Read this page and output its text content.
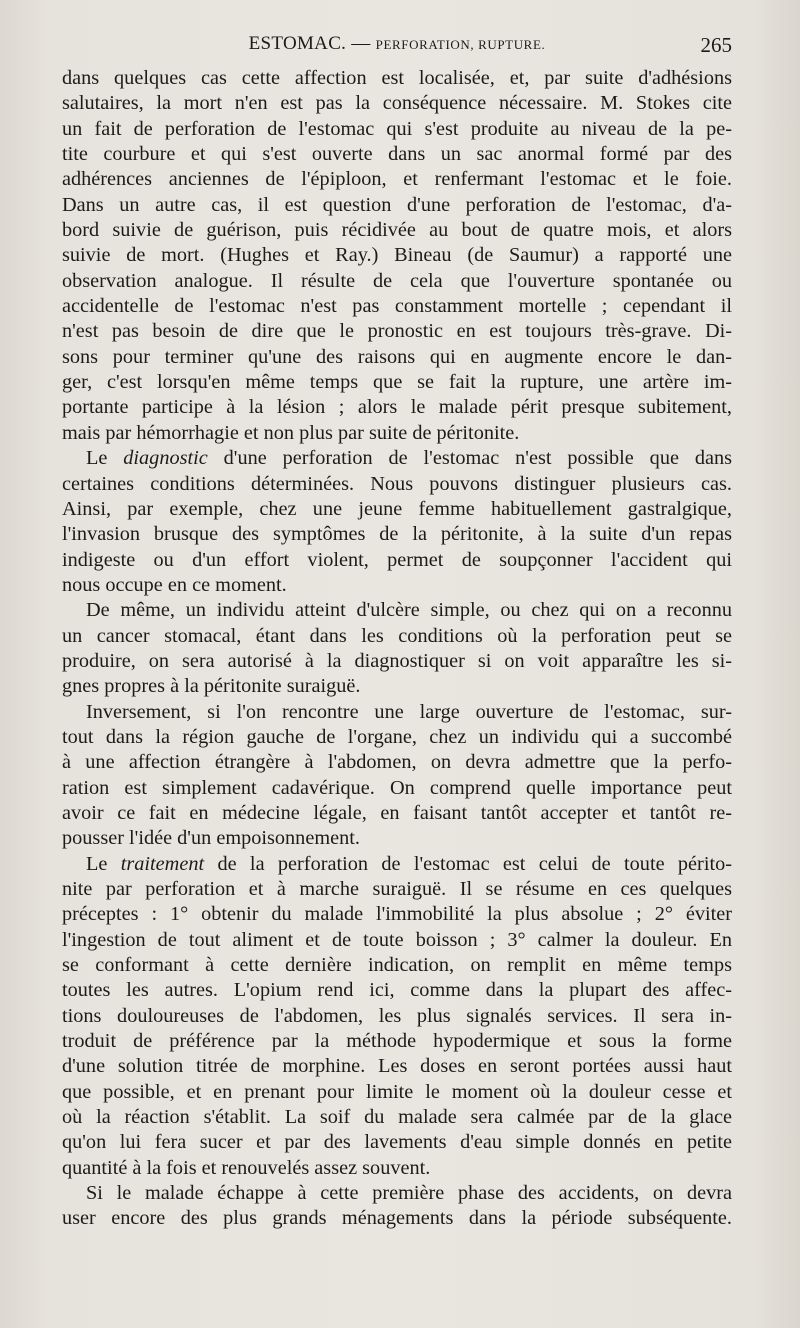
ESTOMAC. — PERFORATION, RUPTURE.	265
dans quelques cas cette affection est localisée, et, par suite d'adhésions
salutaires, la mort n'en est pas la conséquence nécessaire. M. Stokes cite
un fait de perforation de l'estomac qui s'est produite au niveau de la pe-
tite courbure et qui s'est ouverte dans un sac anormal formé par des
adhérences anciennes de l'épiploon, et renfermant l'estomac et le foie.
Dans un autre cas, il est question d'une perforation de l'estomac, d'a-
bord suivie de guérison, puis récidivée au bout de quatre mois, et alors
suivie de mort. (Hughes et Ray.) Bineau (de Saumur) a rapporté une
observation analogue. Il résulte de cela que l'ouverture spontanée ou
accidentelle de l'estomac n'est pas constamment mortelle ; cependant il
n'est pas besoin de dire que le pronostic en est toujours très-grave. Di-
sons pour terminer qu'une des raisons qui en augmente encore le dan-
ger, c'est lorsqu'en même temps que se fait la rupture, une artère im-
portante participe à la lésion ; alors le malade périt presque subitement,
mais par hémorrhagie et non plus par suite de péritonite.
Le diagnostic d'une perforation de l'estomac n'est possible que dans
certaines conditions déterminées. Nous pouvons distinguer plusieurs cas.
Ainsi, par exemple, chez une jeune femme habituellement gastralgique,
l'invasion brusque des symptômes de la péritonite, à la suite d'un repas
indigeste ou d'un effort violent, permet de soupçonner l'accident qui
nous occupe en ce moment.
De même, un individu atteint d'ulcère simple, ou chez qui on a reconnu
un cancer stomacal, étant dans les conditions où la perforation peut se
produire, on sera autorisé à la diagnostiquer si on voit apparaître les si-
gnes propres à la péritonite suraiguë.
Inversement, si l'on rencontre une large ouverture de l'estomac, sur-
tout dans la région gauche de l'organe, chez un individu qui a succombé
à une affection étrangère à l'abdomen, on devra admettre que la perfo-
ration est simplement cadavérique. On comprend quelle importance peut
avoir ce fait en médecine légale, en faisant tantôt accepter et tantôt re-
pousser l'idée d'un empoisonnement.
Le traitement de la perforation de l'estomac est celui de toute périto-
nite par perforation et à marche suraiguë. Il se résume en ces quelques
préceptes : 1° obtenir du malade l'immobilité la plus absolue ; 2° éviter
l'ingestion de tout aliment et de toute boisson ; 3° calmer la douleur. En
se conformant à cette dernière indication, on remplit en même temps
toutes les autres. L'opium rend ici, comme dans la plupart des affec-
tions douloureuses de l'abdomen, les plus signalés services. Il sera in-
troduit de préférence par la méthode hypodermique et sous la forme
d'une solution titrée de morphine. Les doses en seront portées aussi haut
que possible, et en prenant pour limite le moment où la douleur cesse et
où la réaction s'établit. La soif du malade sera calmée par de la glace
qu'on lui fera sucer et par des lavements d'eau simple donnés en petite
quantité à la fois et renouvelés assez souvent.
Si le malade échappe à cette première phase des accidents, on devra
user encore des plus grands ménagements dans la période subséquente.
